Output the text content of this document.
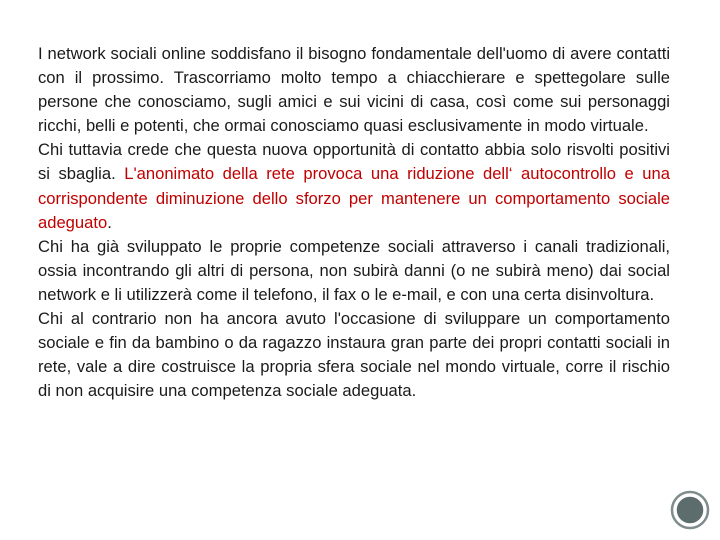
I network sociali online soddisfano il bisogno fondamentale dell'uomo di avere contatti con il prossimo. Trascorriamo molto tempo a chiacchierare e spettegolare sulle persone che conosciamo, sugli amici e sui vicini di casa, così come sui personaggi ricchi, belli e potenti, che ormai conosciamo quasi esclusivamente in modo virtuale.

Chi tuttavia crede che questa nuova opportunità di contatto abbia solo risvolti positivi si sbaglia. L'anonimato della rete provoca una riduzione dell‘ autocontrollo e una corrispondente diminuzione dello sforzo per mantenere un comportamento sociale adeguato.

Chi ha già sviluppato le proprie competenze sociali attraverso i canali tradizionali, ossia incontrando gli altri di persona, non subirà danni (o ne subirà meno) dai social network e li utilizzerà come il telefono, il fax o le e-mail, e con una certa disinvoltura.

Chi al contrario non ha ancora avuto l'occasione di sviluppare un comportamento sociale e fin da bambino o da ragazzo instaura gran parte dei propri contatti sociali in rete, vale a dire costruisce la propria sfera sociale nel mondo virtuale, corre il rischio di non acquisire una competenza sociale adeguata.
